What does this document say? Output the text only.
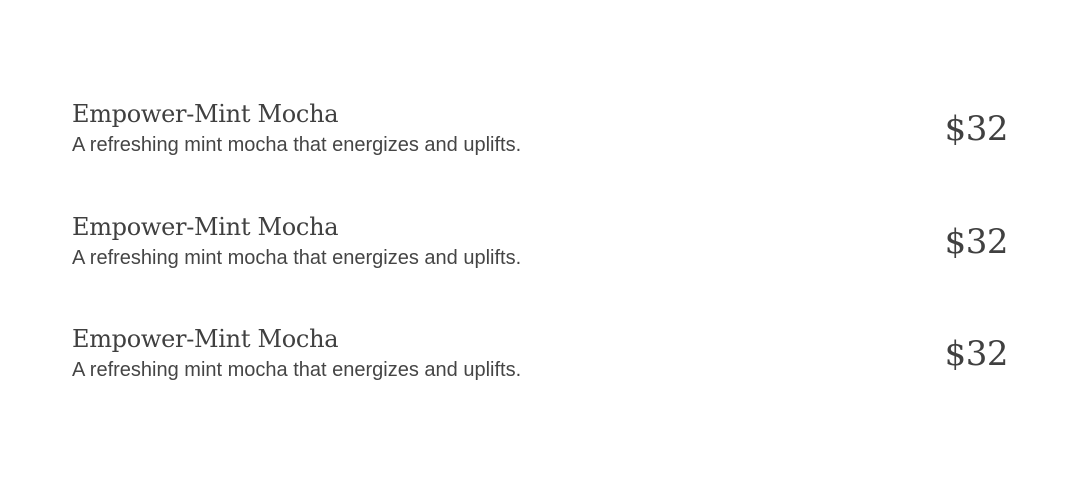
Empower-Mint Mocha
A refreshing mint mocha that energizes and uplifts.	$32
Empower-Mint Mocha
A refreshing mint mocha that energizes and uplifts.	$32
Empower-Mint Mocha
A refreshing mint mocha that energizes and uplifts.	$32
